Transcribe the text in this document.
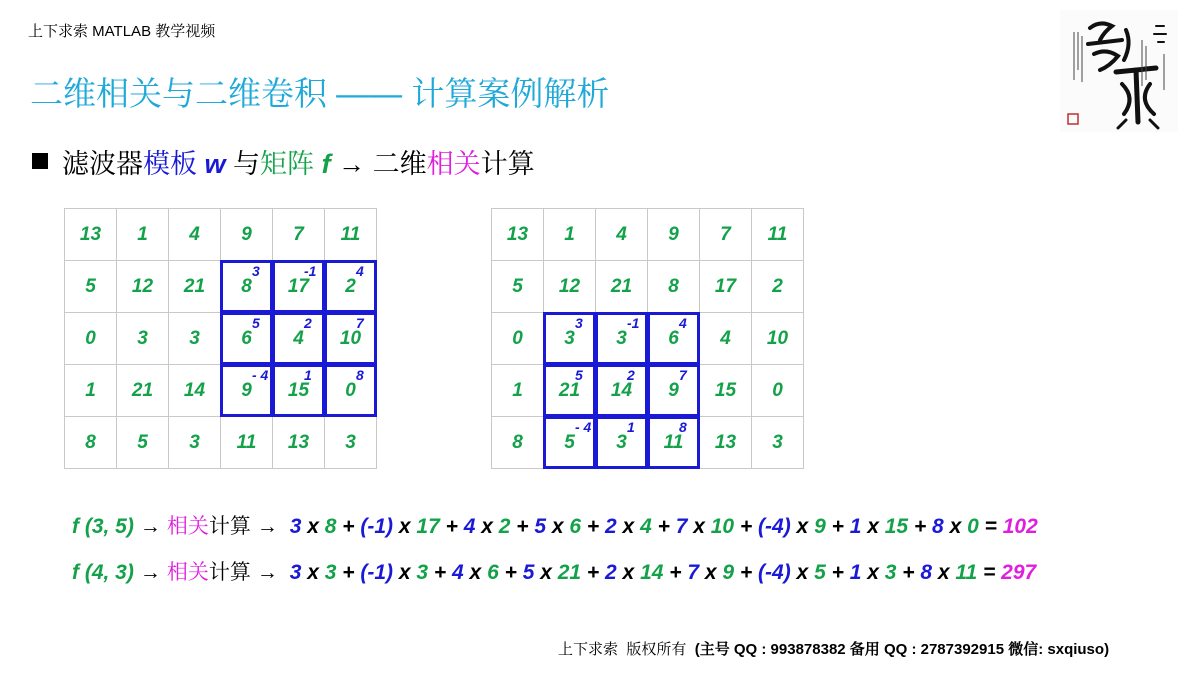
上下求索 MATLAB 教学视频
二维相关与二维卷积 —— 计算案例解析
滤波器模板 w 与矩阵 f → 二维相关计算
13	1	4	9	7	11
5	12	21	8	17	2
0	3	3	6	4	10
1	21	14	9	15	0
8	5	3	11	13	3
3	-1	4
5	2	7
- 4	1	8
13	1	4	9	7	11
5	12	21	8	17	2
0	3	3	6	4	10
1	21	14	9	15	0
8	5	3	11	13	3
3	-1	4
5	2	7
- 4	1	8
f (3, 5) → 相关计算 → 3 x 8 + (-1) x 17 + 4 x 2 + 5 x 6 + 2 x 4 + 7 x 10 + (-4) x 9 + 1 x 15 + 8 x 0 = 102
f (4, 3) → 相关计算 → 3 x 3 + (-1) x 3 + 4 x 6 + 5 x 21 + 2 x 14 + 7 x 9 + (-4) x 5 + 1 x 3 + 8 x 11 = 297
上下求索 版权所有 (主号 QQ : 993878382 备用 QQ : 2787392915 微信: sxqiuso)
